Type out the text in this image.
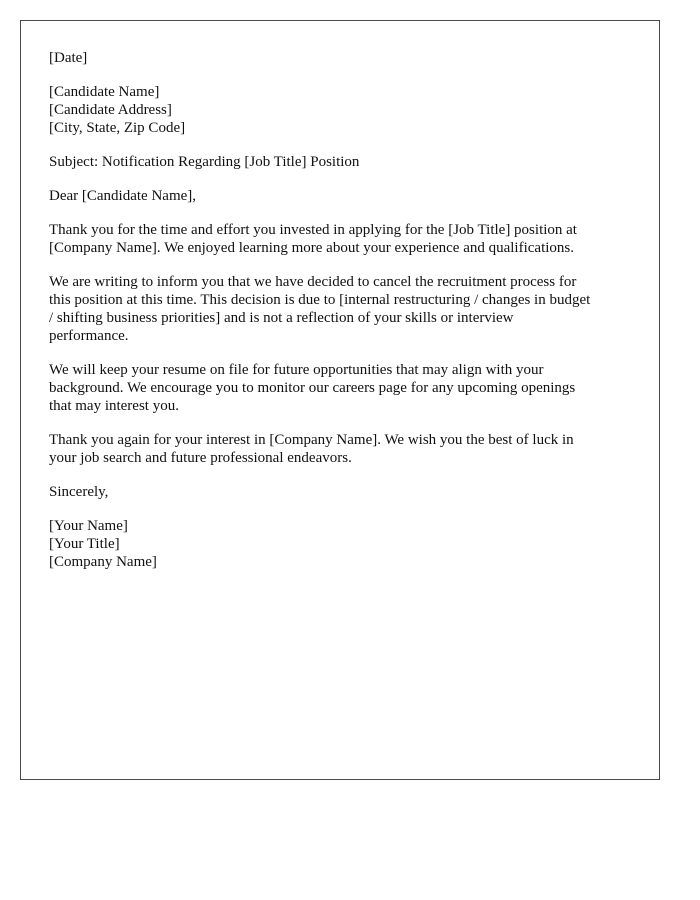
[Date]
[Candidate Name]
[Candidate Address]
[City, State, Zip Code]
Subject: Notification Regarding [Job Title] Position
Dear [Candidate Name],

Thank you for the time and effort you invested in applying for the [Job Title] position at
[Company Name]. We enjoyed learning more about your experience and qualifications.

We are writing to inform you that we have decided to cancel the recruitment process for
this position at this time. This decision is due to [internal restructuring / changes in budget
/ shifting business priorities] and is not a reflection of your skills or interview
performance.

We will keep your resume on file for future opportunities that may align with your
background. We encourage you to monitor our careers page for any upcoming openings
that may interest you.

Thank you again for your interest in [Company Name]. We wish you the best of luck in
your job search and future professional endeavors.

Sincerely,
[Your Name]
[Your Title]
[Company Name]
